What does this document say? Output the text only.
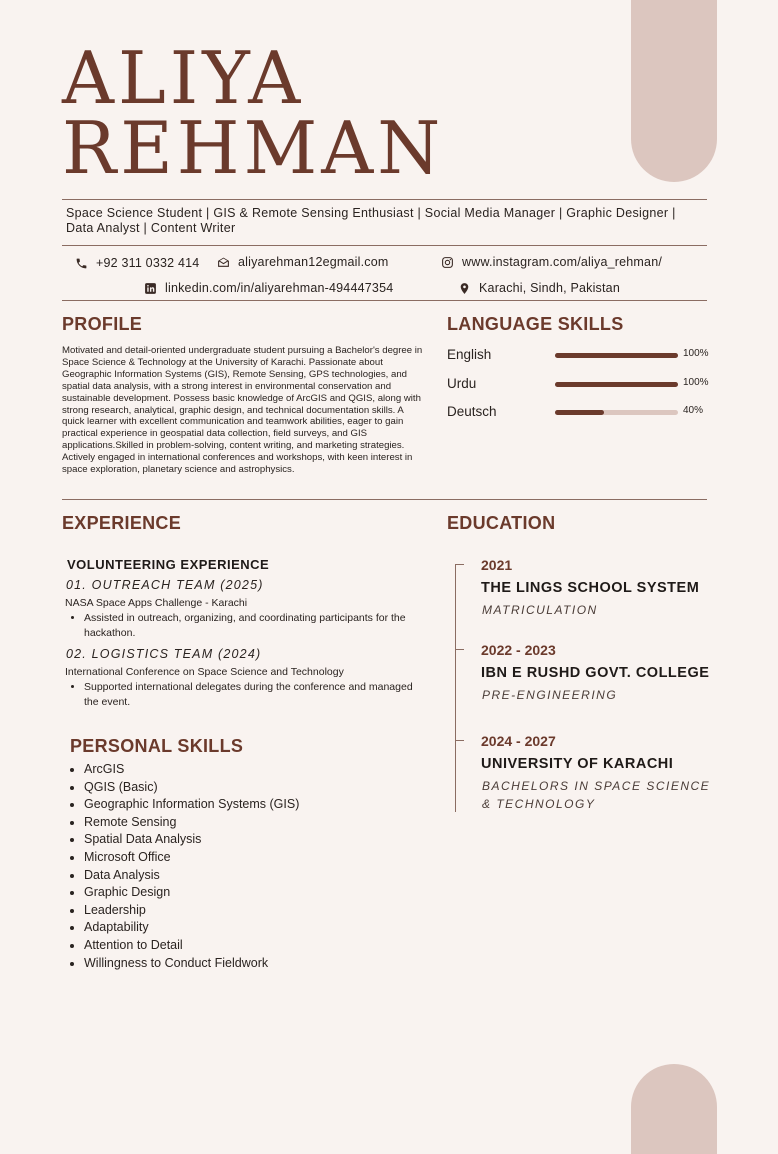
ALIYA
REHMAN

Space Science Student | GIS & Remote Sensing Enthusiast | Social Media Manager | Graphic Designer | Data Analyst | Content Writer

+92 311 0332 414	aliyarehman12egmail.com	www.instagram.com/aliya_rehman/
linkedin.com/in/aliyarehman-494447354	Karachi, Sindh, Pakistan
PROFILE

Motivated and detail-oriented undergraduate student pursuing a Bachelor's degree in Space Science & Technology at the University of Karachi. Passionate about Geographic Information Systems (GIS), Remote Sensing, GPS technologies, and spatial data analysis, with a strong interest in environmental conservation and sustainable development. Possess basic knowledge of ArcGIS and QGIS, along with strong research, analytical, graphic design, and technical documentation skills. A quick learner with excellent communication and teamwork abilities, eager to gain practical experience in geospatial data collection, field surveys, and GIS applications.Skilled in problem-solving, content writing, and marketing strategies. Actively engaged in international conferences and workshops, with keen interest in space exploration, planetary science and astrophysics.

LANGUAGE SKILLS
English	100%
Urdu	100%
Deutsch	40%
EXPERIENCE
VOLUNTEERING EXPERIENCE

01. OUTREACH TEAM (2025)

NASA Space Apps Challenge - Karachi

• Assisted in outreach, organizing, and coordinating participants for the hackathon.

02. LOGISTICS TEAM (2024)

International Conference on Space Science and Technology

• Supported international delegates during the conference and managed the event.
PERSONAL SKILLS
• ArcGIS
• QGIS (Basic)
• Geographic Information Systems (GIS)
• Remote Sensing
• Spatial Data Analysis
• Microsoft Office
• Data Analysis
• Graphic Design
• Leadership
• Adaptability
• Attention to Detail
• Willingness to Conduct Fieldwork
EDUCATION

2021

THE LINGS SCHOOL SYSTEM

MATRICULATION

2022 - 2023

IBN E RUSHD GOVT. COLLEGE

PRE-ENGINEERING

2024 - 2027

UNIVERSITY OF KARACHI

BACHELORS IN SPACE SCIENCE & TECHNOLOGY
